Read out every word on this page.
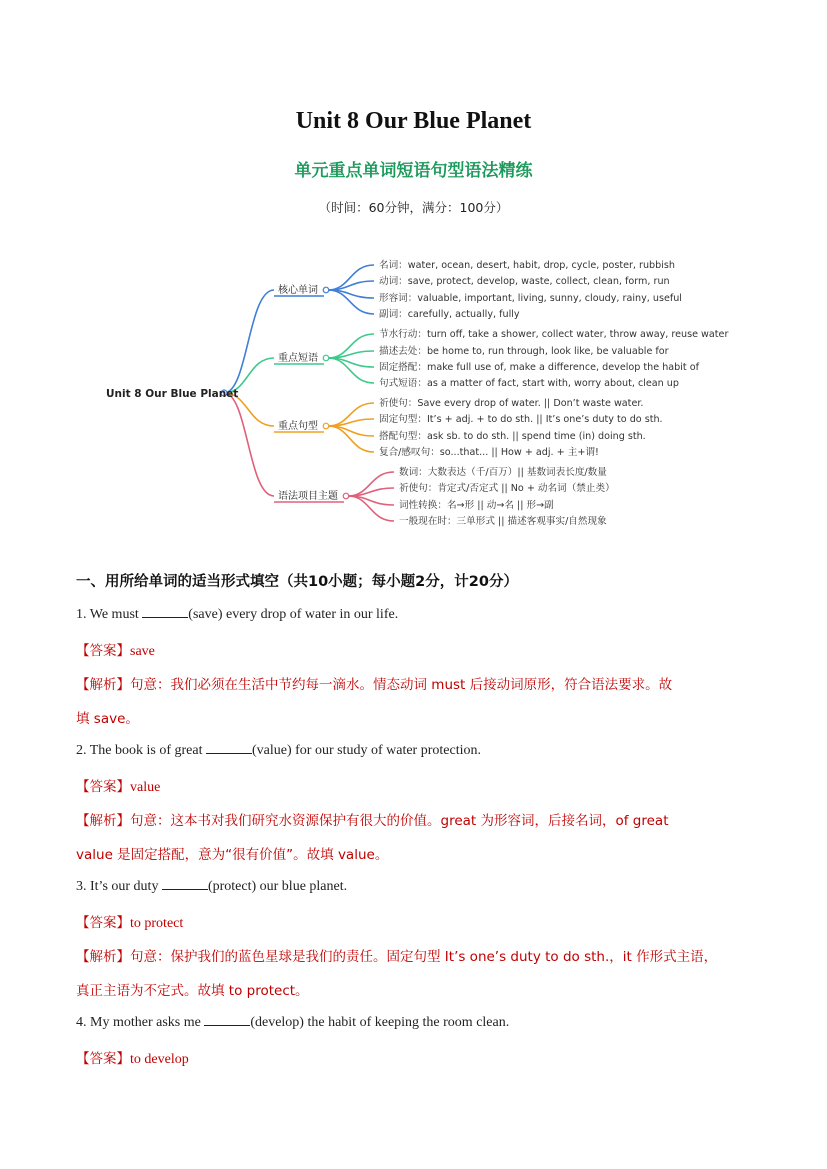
Unit 8 Our Blue Planet
单元重点单词短语句型语法精练
（时间：60分钟，满分：100分）
Unit 8 Our Blue Planet
核心单词
重点短语
重点句型
语法项目主题
名词：water, ocean, desert, habit, drop, cycle, poster, rubbish
动词：save, protect, develop, waste, collect, clean, form, run
形容词：valuable, important, living, sunny, cloudy, rainy, useful
副词：carefully, actually, fully
节水行动：turn off, take a shower, collect water, throw away, reuse water
描述去处：be home to, run through, look like, be valuable for
固定搭配：make full use of, make a difference, develop the habit of
句式短语：as a matter of fact, start with, worry about, clean up
祈使句：Save every drop of water. || Don’t waste water.
固定句型：It’s + adj. + to do sth. || It’s one’s duty to do sth.
搭配句型：ask sb. to do sth. || spend time (in) doing sth.
复合/感叹句：so...that... || How + adj. + 主+谓!
数词：大数表达（千/百万）|| 基数词表长度/数量
祈使句：肯定式/否定式 || No + 动名词（禁止类）
词性转换：名→形 || 动→名 || 形→副
一般现在时：三单形式 || 描述客观事实/自然现象
一、用所给单词的适当形式填空（共10小题；每小题2分，计20分）
1. We must	(save) every drop of water in our life.
【答案】save
【解析】句意：我们必须在生活中节约每一滴水。情态动词 must 后接动词原形，符合语法要求。故
填 save。
2. The book is of great	(value) for our study of water protection.
【答案】value
【解析】句意：这本书对我们研究水资源保护有很大的价值。great 为形容词，后接名词，of great
value 是固定搭配，意为“很有价值”。故填 value。
3. It’s our duty	(protect) our blue planet.
【答案】to protect
【解析】句意：保护我们的蓝色星球是我们的责任。固定句型 It’s one’s duty to do sth.，it 作形式主语，
真正主语为不定式。故填 to protect。
4. My mother asks me	(develop) the habit of keeping the room clean.
【答案】to develop
